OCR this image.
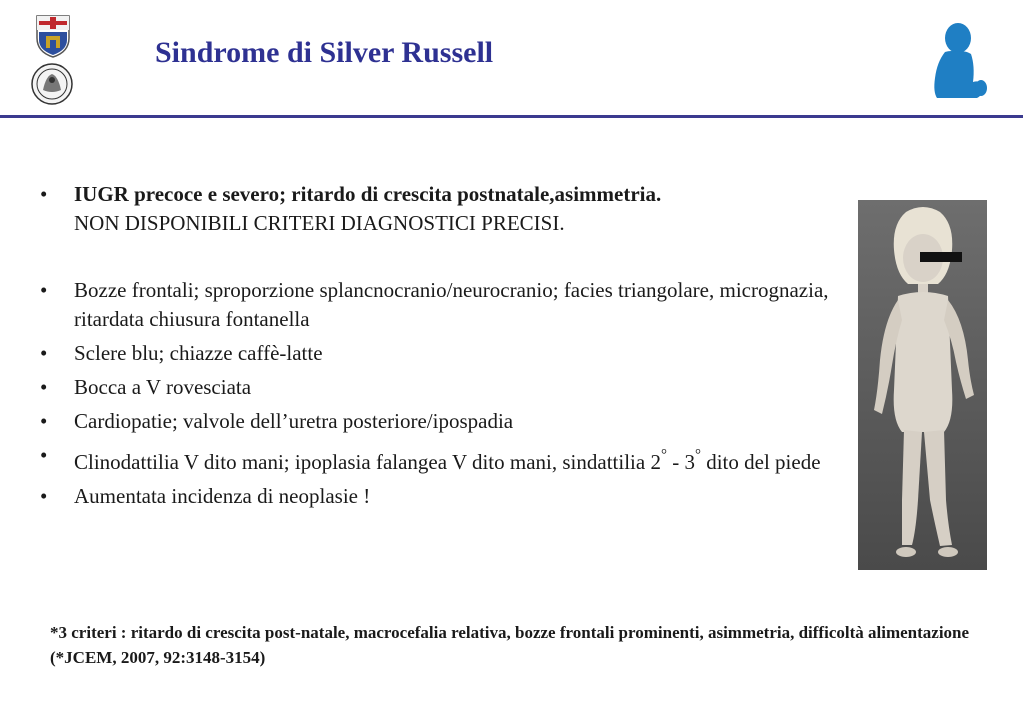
Sindrome di Silver Russell
• IUGR precoce e severo; ritardo di crescita postnatale,asimmetria.
NON DISPONIBILI CRITERI DIAGNOSTICI PRECISI.
• Bozze frontali; sproporzione splancnocranio/neurocranio; facies triangolare, micrognazia, ritardata chiusura fontanella
• Sclere blu; chiazze caffè-latte
• Bocca a V rovesciata
• Cardiopatie; valvole dell’uretra posteriore/ipospadia
• Clinodattilia V dito mani; ipoplasia falangea V dito mani, sindattilia 2° - 3° dito del piede
• Aumentata incidenza di neoplasie !
*3 criteri : ritardo di crescita post-natale, macrocefalia relativa, bozze frontali prominenti, asimmetria, difficoltà alimentazione (*JCEM, 2007, 92:3148-3154)
